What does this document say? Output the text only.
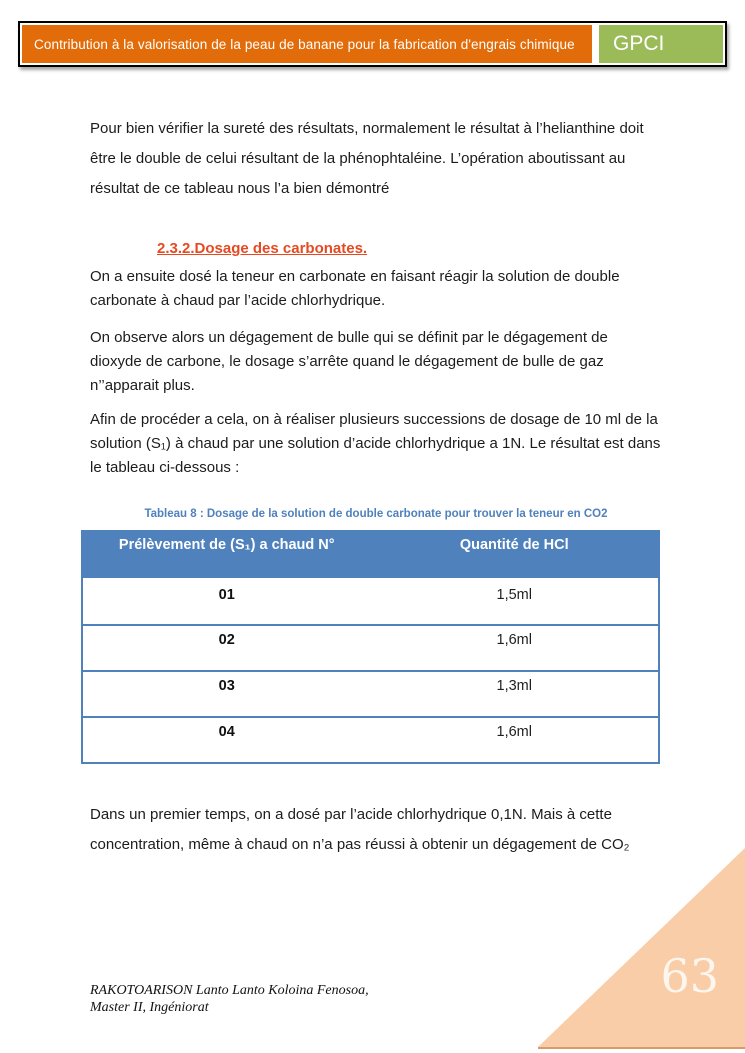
Contribution à la valorisation de la peau de banane pour la fabrication d'engrais chimique	GPCI

Pour bien vérifier la sureté des résultats, normalement le résultat à l’helianthine doit être le double de celui résultant de la phénophtaléine. L’opération aboutissant au résultat de ce tableau nous l’a bien démontré

2.3.2.Dosage des carbonates.

On a ensuite dosé la teneur en carbonate en faisant réagir la solution de double carbonate à chaud par l’acide chlorhydrique.

On observe alors un dégagement de bulle qui se définit par le dégagement de dioxyde de carbone, le dosage s’arrête quand le dégagement de bulle de gaz n’’apparait plus.

Afin de procéder a cela, on à réaliser plusieurs successions de dosage de 10 ml de la solution (S₁) à chaud par une solution d’acide chlorhydrique a 1N. Le résultat est dans le tableau ci-dessous :

Tableau 8 : Dosage de la solution de double carbonate pour trouver la teneur en CO2
Prélèvement de (S₁) a chaud N°	Quantité de HCl
01	1,5ml
02	1,6ml
03	1,3ml
04	1,6ml

Dans un premier temps, on a dosé par l’acide chlorhydrique 0,1N. Mais à cette concentration, même à chaud on n’a pas réussi à obtenir un dégagement de CO₂

RAKOTOARISON Lanto Lanto Koloina Fenosoa,
Master II, Ingéniorat
63
